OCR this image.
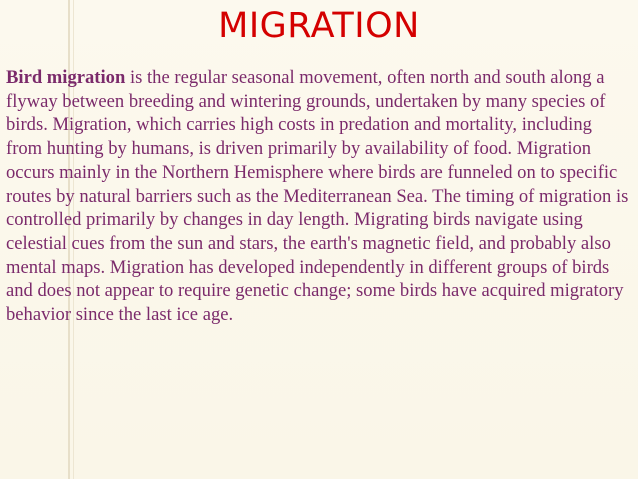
MIGRATION
Bird migration is the regular seasonal movement, often north and south along a flyway between breeding and wintering grounds, undertaken by many species of birds. Migration, which carries high costs in predation and mortality, including from hunting by humans, is driven primarily by availability of food. Migration occurs mainly in the Northern Hemisphere where birds are funneled on to specific routes by natural barriers such as the Mediterranean Sea. The timing of migration is controlled primarily by changes in day length. Migrating birds navigate using celestial cues from the sun and stars, the earth's magnetic field, and probably also mental maps. Migration has developed independently in different groups of birds and does not appear to require genetic change; some birds have acquired migratory behavior since the last ice age.
